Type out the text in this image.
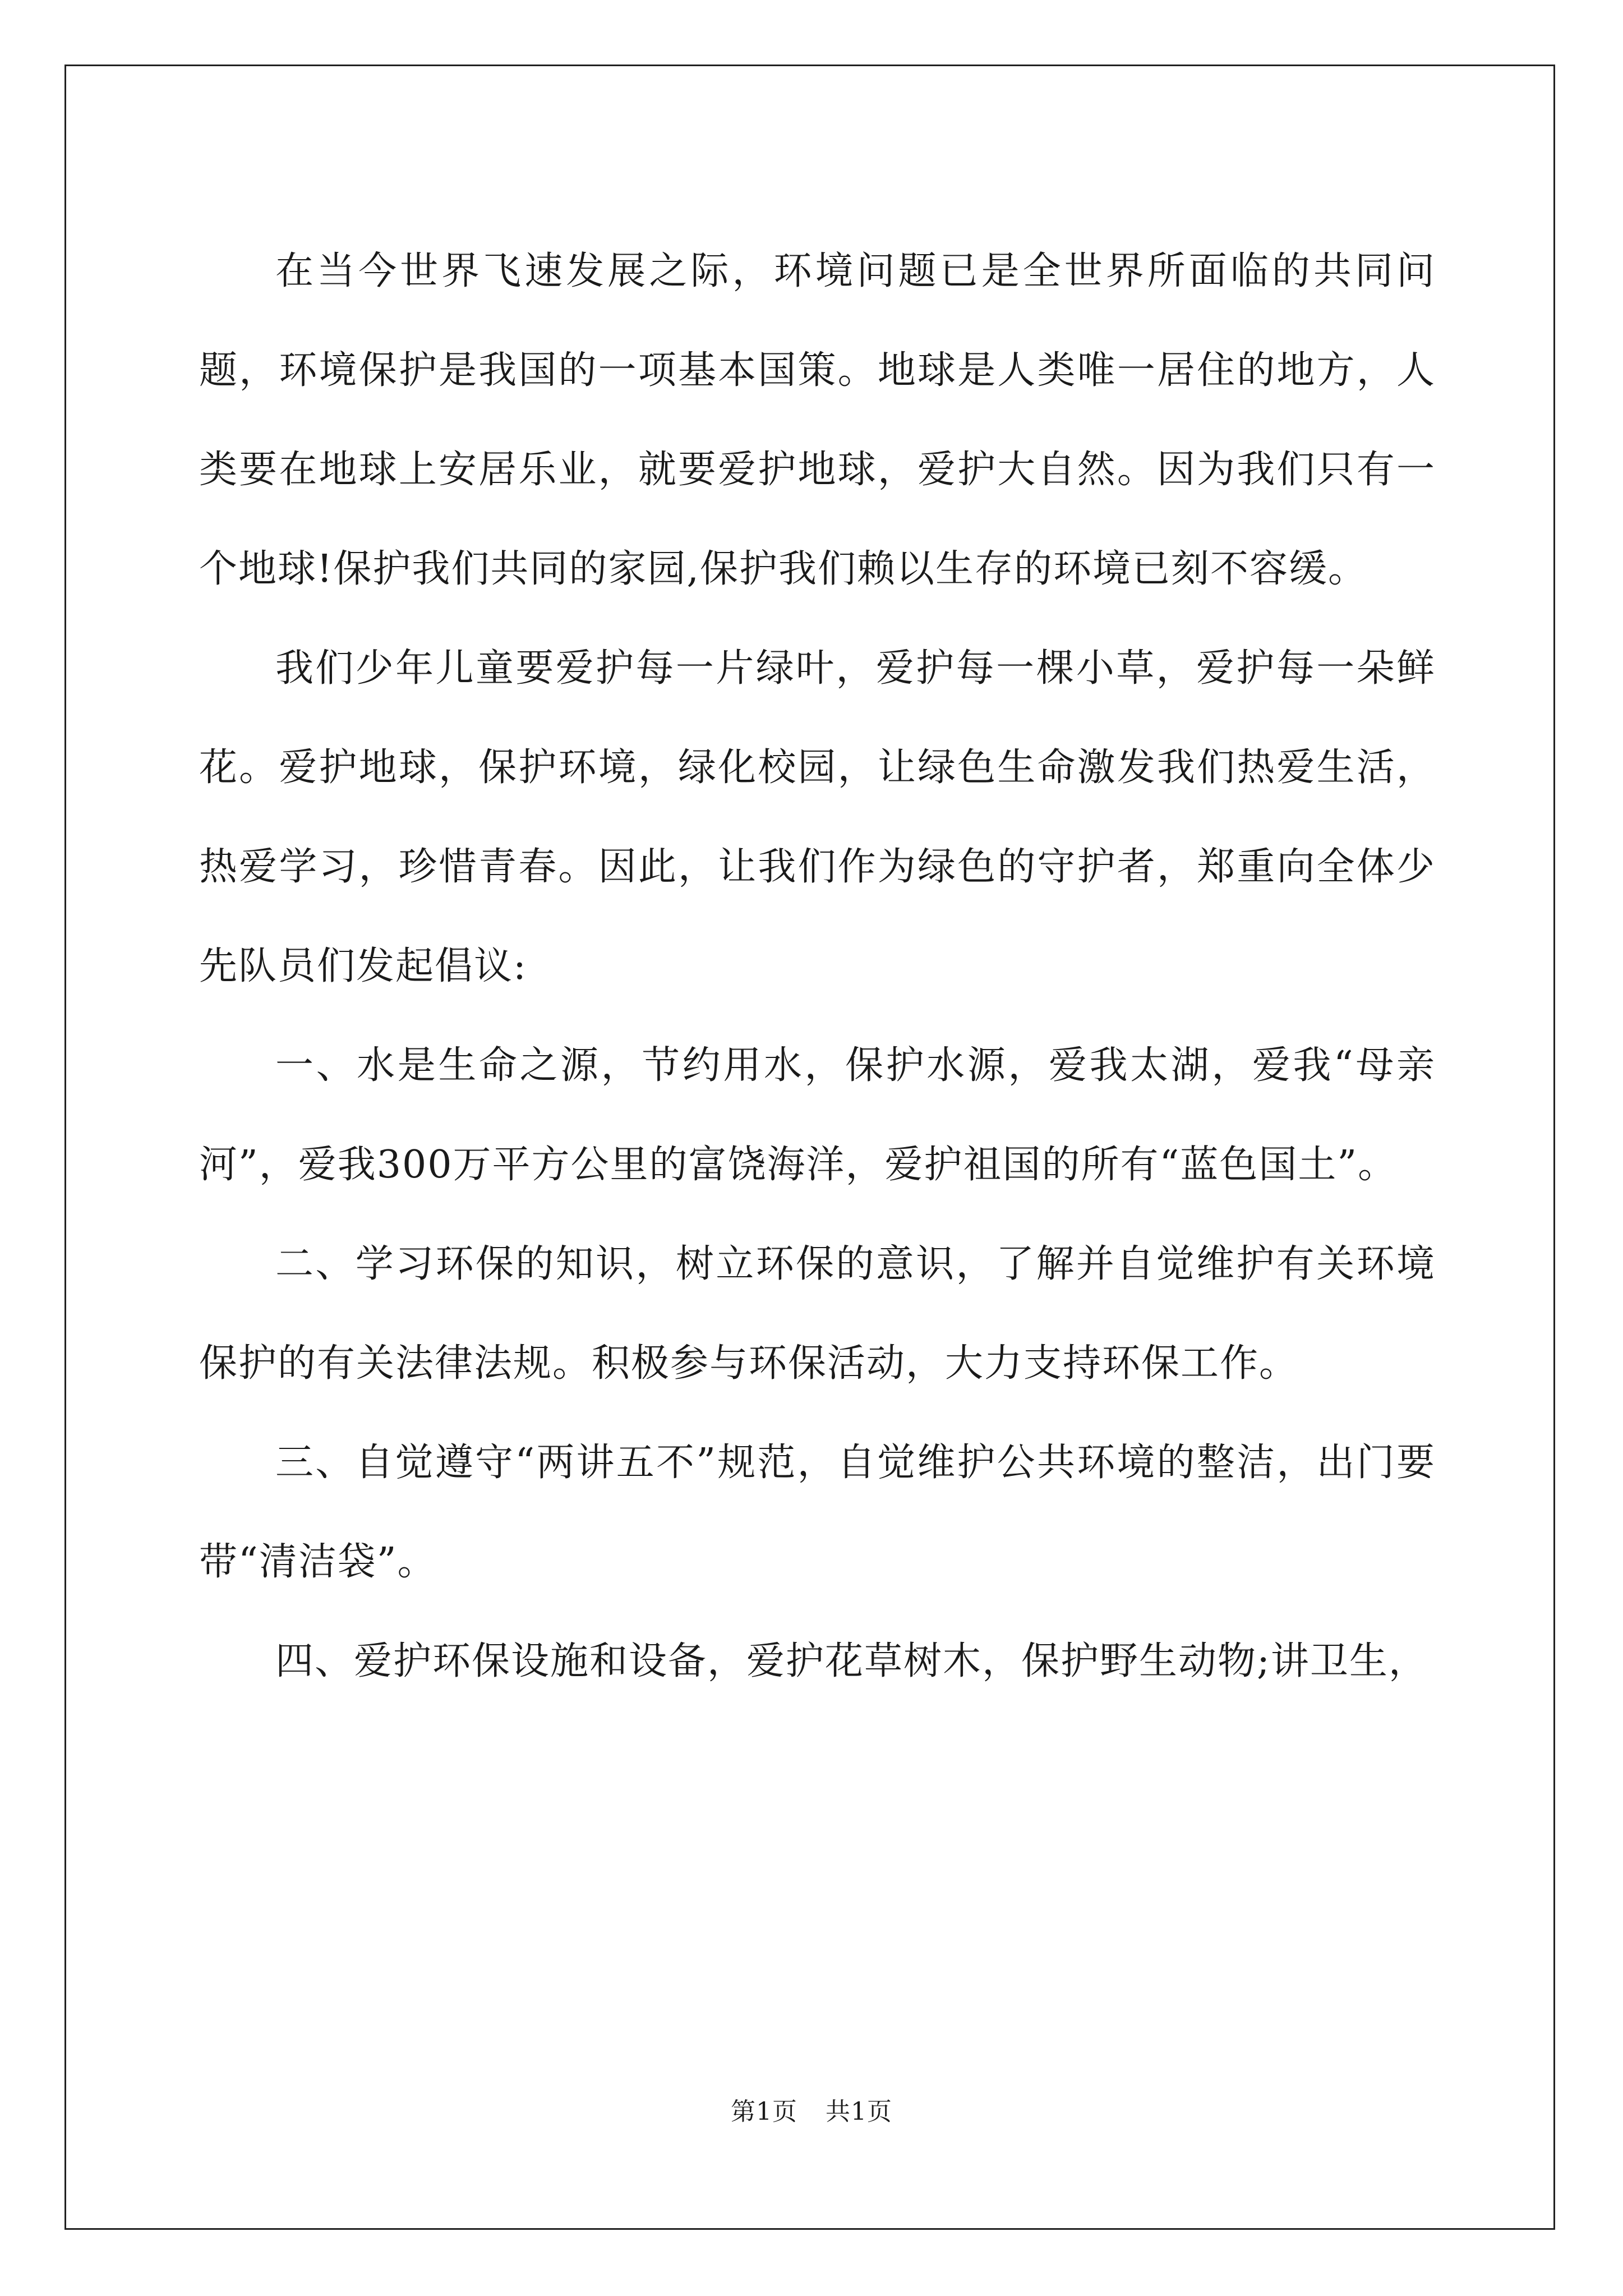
在当今世界飞速发展之际，环境问题已是全世界所面临的共同问题，环境保护是我国的一项基本国策。地球是人类唯一居住的地方，人类要在地球上安居乐业，就要爱护地球，爱护大自然。因为我们只有一个地球!保护我们共同的家园,保护我们赖以生存的环境已刻不容缓。

我们少年儿童要爱护每一片绿叶，爱护每一棵小草，爱护每一朵鲜花。爱护地球，保护环境，绿化校园，让绿色生命激发我们热爱生活，热爱学习，珍惜青春。因此，让我们作为绿色的守护者，郑重向全体少先队员们发起倡议:

一、水是生命之源，节约用水，保护水源，爱我太湖，爱我“母亲河”，爱我300万平方公里的富饶海洋，爱护祖国的所有“蓝色国土”。

二、学习环保的知识，树立环保的意识，了解并自觉维护有关环境保护的有关法律法规。积极参与环保活动，大力支持环保工作。

三、自觉遵守“两讲五不”规范，自觉维护公共环境的整洁，出门要带“清洁袋”。

四、爱护环保设施和设备，爱护花草树木，保护野生动物;讲卫生，

第1页 共1页
